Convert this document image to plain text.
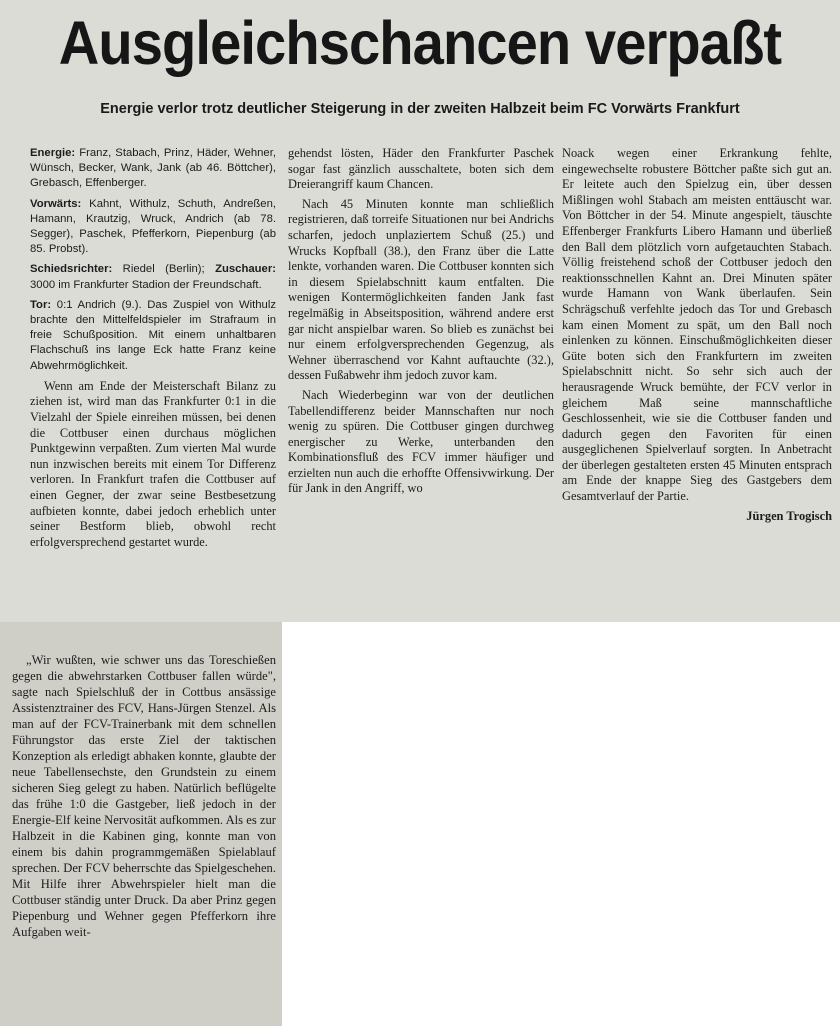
Ausgleichschancen verpaßt
Energie verlor trotz deutlicher Steigerung in der zweiten Halbzeit beim FC Vorwärts Frankfurt

Energie: Franz, Stabach, Prinz, Häder, Wehner, Wünsch, Becker, Wank, Jank (ab 46. Böttcher), Grebasch, Effenberger.

Vorwärts: Kahnt, Withulz, Schuth, Andreßen, Hamann, Krautzig, Wruck, Andrich (ab 78. Segger), Paschek, Pfefferkorn, Piepenburg (ab 85. Probst).

Schiedsrichter: Riedel (Berlin); Zuschauer: 3000 im Frankfurter Stadion der Freundschaft.

Tor: 0:1 Andrich (9.). Das Zuspiel von Withulz brachte den Mittelfeldspieler im Strafraum in freie Schußposition. Mit einem unhaltbaren Flachschuß ins lange Eck hatte Franz keine Abwehrmöglichkeit.

Wenn am Ende der Meisterschaft Bilanz zu ziehen ist, wird man das Frankfurter 0:1 in die Vielzahl der Spiele einreihen müssen, bei denen die Cottbuser einen durchaus möglichen Punktgewinn verpaßten. Zum vierten Mal wurde nun inzwischen bereits mit einem Tor Differenz verloren. In Frankfurt trafen die Cottbuser auf einen Gegner, der zwar seine Bestbesetzung aufbieten konnte, dabei jedoch erheblich unter seiner Bestform blieb, obwohl recht erfolgversprechend gestartet wurde.

gehendst lösten, Häder den Frankfurter Paschek sogar fast gänzlich ausschaltete, boten sich dem Dreierangriff kaum Chancen.

Nach 45 Minuten konnte man schließlich registrieren, daß torreife Situationen nur bei Andrichs scharfen, jedoch unplaziertem Schuß (25.) und Wrucks Kopfball (38.), den Franz über die Latte lenkte, vorhanden waren. Die Cottbuser konnten sich in diesem Spielabschnitt kaum entfalten. Die wenigen Kontermöglichkeiten fanden Jank fast regelmäßig in Abseitsposition, während andere erst gar nicht anspielbar waren. So blieb es zunächst bei nur einem erfolgversprechenden Gegenzug, als Wehner überraschend vor Kahnt auftauchte (32.), dessen Fußabwehr ihm jedoch zuvor kam.

Nach Wiederbeginn war von der deutlichen Tabellendifferenz beider Mannschaften nur noch wenig zu spüren. Die Cottbuser gingen durchweg energischer zu Werke, unterbanden den Kombinationsfluß des FCV immer häufiger und erzielten nun auch die erhoffte Offensivwirkung. Der für Jank in den Angriff, wo

Noack wegen einer Erkrankung fehlte, eingewechselte robustere Böttcher paßte sich gut an. Er leitete auch den Spielzug ein, über dessen Mißlingen wohl Stabach am meisten enttäuscht war. Von Böttcher in der 54. Minute angespielt, täuschte Effenberger Frankfurts Libero Hamann und überließ den Ball dem plötzlich vorn aufgetauchten Stabach. Völlig freistehend schoß der Cottbuser jedoch den reaktionsschnellen Kahnt an. Drei Minuten später wurde Hamann von Wank überlaufen. Sein Schrägschuß verfehlte jedoch das Tor und Grebasch kam einen Moment zu spät, um den Ball noch einlenken zu können. Einschußmöglichkeiten dieser Güte boten sich den Frankfurtern im zweiten Spielabschnitt nicht. So sehr sich auch der herausragende Wruck bemühte, der FCV verlor in gleichem Maß seine mannschaftliche Geschlossenheit, wie sie die Cottbuser fanden und dadurch gegen den Favoriten für einen ausgeglichenen Spielverlauf sorgten. In Anbetracht der überlegen gestalteten ersten 45 Minuten entsprach am Ende der knappe Sieg des Gastgebers dem Gesamtverlauf der Partie.

Jürgen Trogisch

„Wir wußten, wie schwer uns das Toreschießen gegen die abwehrstarken Cottbuser fallen würde", sagte nach Spielschluß der in Cottbus ansässige Assistenztrainer des FCV, Hans-Jürgen Stenzel. Als man auf der FCV-Trainerbank mit dem schnellen Führungstor das erste Ziel der taktischen Konzeption als erledigt abhaken konnte, glaubte der neue Tabellensechste, den Grundstein zu einem sicheren Sieg gelegt zu haben. Natürlich beflügelte das frühe 1:0 die Gastgeber, ließ jedoch in der Energie-Elf keine Nervosität aufkommen. Als es zur Halbzeit in die Kabinen ging, konnte man von einem bis dahin programmgemäßen Spielablauf sprechen. Der FCV beherrschte das Spielgeschehen. Mit Hilfe ihrer Abwehrspieler hielt man die Cottbuser ständig unter Druck. Da aber Prinz gegen Piepenburg und Wehner gegen Pfefferkorn ihre Aufgaben weit-
